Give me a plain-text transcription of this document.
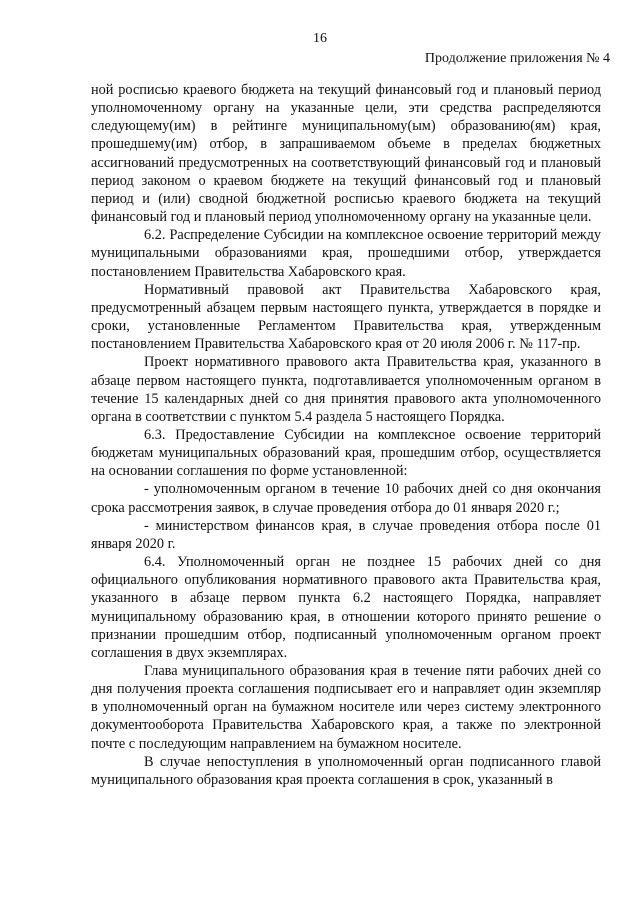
16
Продолжение приложения № 4

ной росписью краевого бюджета на текущий финансовый год и плановый период уполномоченному органу на указанные цели, эти средства распределяются следующему(им) в рейтинге муниципальному(ым) образованию(ям) края, прошедшему(им) отбор, в запрашиваемом объеме в пределах бюджетных ассигнований предусмотренных на соответствующий финансовый год и плановый период законом о краевом бюджете на текущий финансовый год и плановый период и (или) сводной бюджетной росписью краевого бюджета на текущий финансовый год и плановый период уполномоченному органу на указанные цели.

6.2. Распределение Субсидии на комплексное освоение территорий между муниципальными образованиями края, прошедшими отбор, утверждается постановлением Правительства Хабаровского края.

Нормативный правовой акт Правительства Хабаровского края, предусмотренный абзацем первым настоящего пункта, утверждается в порядке и сроки, установленные Регламентом Правительства края, утвержденным постановлением Правительства Хабаровского края от 20 июля 2006 г. № 117-пр.

Проект нормативного правового акта Правительства края, указанного в абзаце первом настоящего пункта, подготавливается уполномоченным органом в течение 15 календарных дней со дня принятия правового акта уполномоченного органа в соответствии с пунктом 5.4 раздела 5 настоящего Порядка.

6.3. Предоставление Субсидии на комплексное освоение территорий бюджетам муниципальных образований края, прошедшим отбор, осуществляется на основании соглашения по форме установленной:

- уполномоченным органом в течение 10 рабочих дней со дня окончания срока рассмотрения заявок, в случае проведения отбора до 01 января 2020 г.;

- министерством финансов края, в случае проведения отбора после 01 января 2020 г.

6.4. Уполномоченный орган не позднее 15 рабочих дней со дня официального опубликования нормативного правового акта Правительства края, указанного в абзаце первом пункта 6.2 настоящего Порядка, направляет муниципальному образованию края, в отношении которого принято решение о признании прошедшим отбор, подписанный уполномоченным органом проект соглашения в двух экземплярах.

Глава муниципального образования края в течение пяти рабочих дней со дня получения проекта соглашения подписывает его и направляет один экземпляр в уполномоченный орган на бумажном носителе или через систему электронного документооборота Правительства Хабаровского края, а также по электронной почте с последующим направлением на бумажном носителе.

В случае непоступления в уполномоченный орган подписанного главой муниципального образования края проекта соглашения в срок, указанный в
